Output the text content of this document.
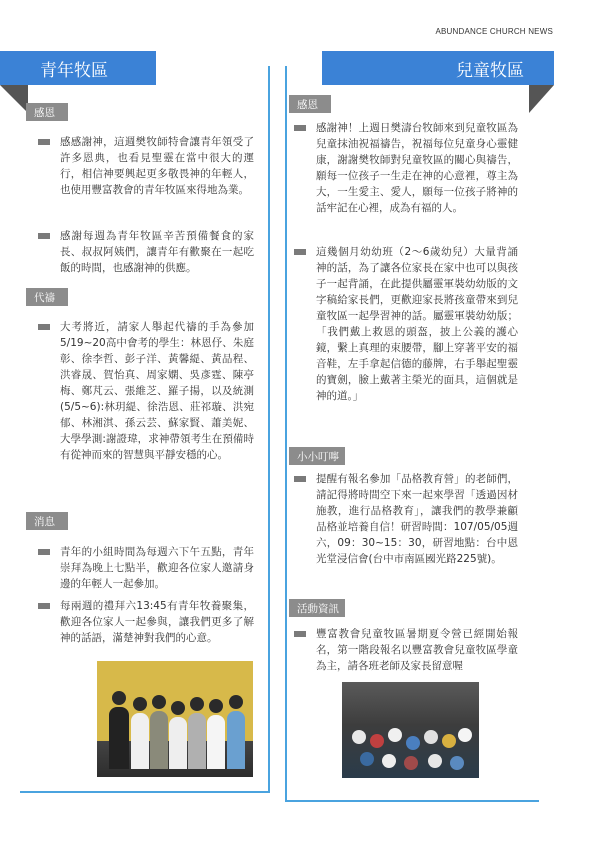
ABUNDANCE CHURCH NEWS
青年牧區	兒童牧區
感恩

感感謝神，這週樊牧師特會讓青年領受了許多恩典，也看見聖靈在當中很大的運行，相信神要興起更多敬畏神的年輕人，也使用豐富教會的青年牧區來得地為業。

感謝每週為青年牧區辛苦預備餐食的家長、叔叔阿姨們，讓青年有歡聚在一起吃飯的時間，也感謝神的供應。

代禱

大考將近，請家人舉起代禱的手為參加5/19~20高中會考的學生：林恩伃、朱庭彰、徐李哲、彭子洋、黃馨緹、黃品程、洪睿晟、賀怡真、周家嫻、吳彥霆、陳亭梅、鄭芃云、張維芝、羅子揚，以及統測(5/5~6):林玥緹、徐浩恩、莊祁璇、洪宛郁、林湘淇、孫云芸、蘇家賢、蕭美妮、大學學測:謝證瑋，求神帶領考生在預備時有從神而來的智慧與平靜安穩的心。

消息

青年的小組時間為每週六下午五點，青年崇拜為晚上七點半，歡迎各位家人邀請身邊的年輕人一起參加。

每兩週的禮拜六13:45有青年牧養聚集，歡迎各位家人一起參與，讓我們更多了解神的話語，滿楚神對我們的心意。

感恩

感謝神！上週日樊濤台牧師來到兒童牧區為兒童抹油祝福禱告，祝福每位兒童身心靈健康，謝謝樊牧師對兒童牧區的關心與禱告，願每一位孩子一生走在神的心意裡，尊主為大，一生愛主、愛人，願每一位孩子將神的話牢記在心裡，成為有福的人。

這幾個月幼幼班（2～6歲幼兒）大量背誦神的話，為了讓各位家長在家中也可以與孩子一起背誦，在此提供屬靈軍裝幼幼版的文字稿給家長們，更歡迎家長將孩童帶來到兒童牧區一起學習神的話。屬靈軍裝幼幼版；「我們戴上救恩的頭盔，披上公義的護心鏡，繫上真理的束腰帶，腳上穿著平安的福音鞋，左手拿起信德的藤牌，右手舉起聖靈的寶劍，臉上戴著主榮光的面具，這個就是神的道。」

小小叮嚀

提醒有報名參加「品格教育營」的老師們，請記得將時間空下來一起來學習「透過因材施教，進行品格教育」，讓我們的教學兼顧品格並培養自信！研習時間：107/05/05週六，09：30~15：30，研習地點：台中恩光堂浸信會(台中市南區國光路225號)。

活動資訊

豐富教會兒童牧區暑期夏令營已經開始報名，第一階段報名以豐富教會兒童牧區學童為主，請各班老師及家長留意喔
